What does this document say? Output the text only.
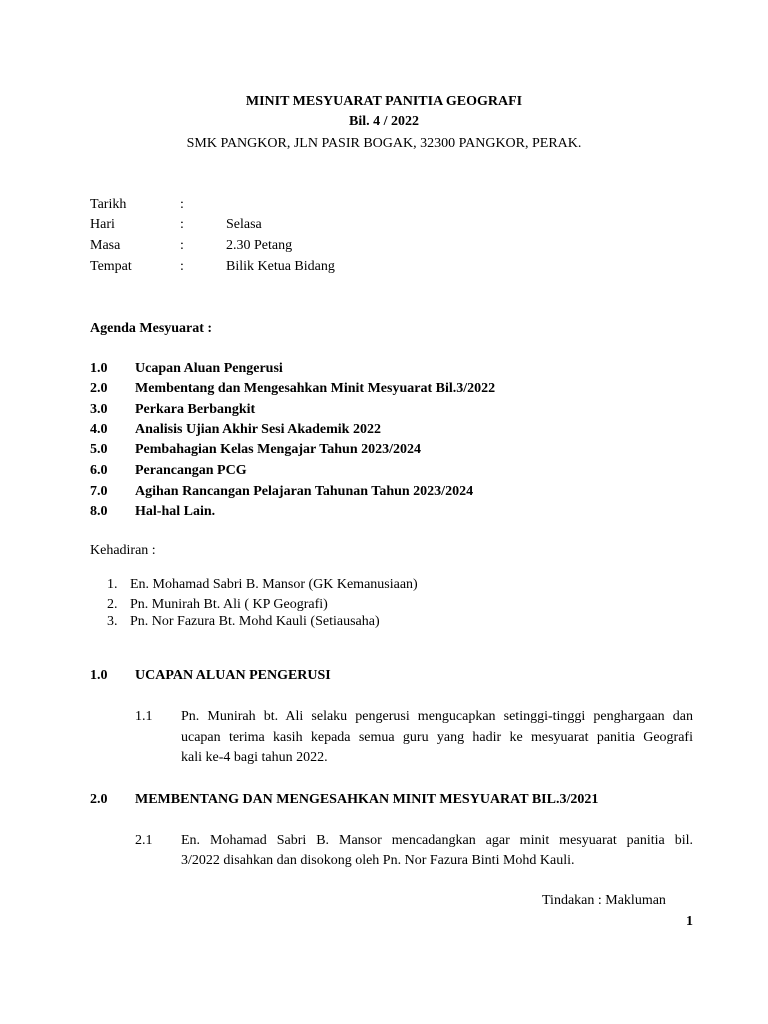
MINIT MESYUARAT PANITIA GEOGRAFI
Bil. 4 / 2022
SMK PANGKOR, JLN PASIR BOGAK, 32300 PANGKOR, PERAK.
Tarikh	:
Hari	:	Selasa
Masa	:	2.30 Petang
Tempat	:	Bilik Ketua Bidang
Agenda Mesyuarat :
1.0 Ucapan Aluan Pengerusi
2.0 Membentang dan Mengesahkan Minit Mesyuarat Bil.3/2022
3.0 Perkara Berbangkit
4.0 Analisis Ujian Akhir Sesi Akademik 2022
5.0 Pembahagian Kelas Mengajar Tahun 2023/2024
6.0 Perancangan PCG
7.0 Agihan Rancangan Pelajaran Tahunan Tahun 2023/2024
8.0 Hal-hal Lain.
Kehadiran :
1. En. Mohamad Sabri B. Mansor (GK Kemanusiaan)
2. Pn. Munirah Bt. Ali ( KP Geografi)
3. Pn. Nor Fazura Bt. Mohd Kauli (Setiausaha)
1.0 UCAPAN ALUAN PENGERUSI
1.1 Pn. Munirah bt. Ali selaku pengerusi mengucapkan setinggi-tinggi penghargaan dan
ucapan terima kasih kepada semua guru yang hadir ke mesyuarat panitia Geografi
kali ke-4 bagi tahun 2022.
2.0 MEMBENTANG DAN MENGESAHKAN MINIT MESYUARAT BIL.3/2021
2.1 En. Mohamad Sabri B. Mansor mencadangkan agar minit mesyuarat panitia bil.
3/2022 disahkan dan disokong oleh Pn. Nor Fazura Binti Mohd Kauli.
Tindakan : Makluman
1
